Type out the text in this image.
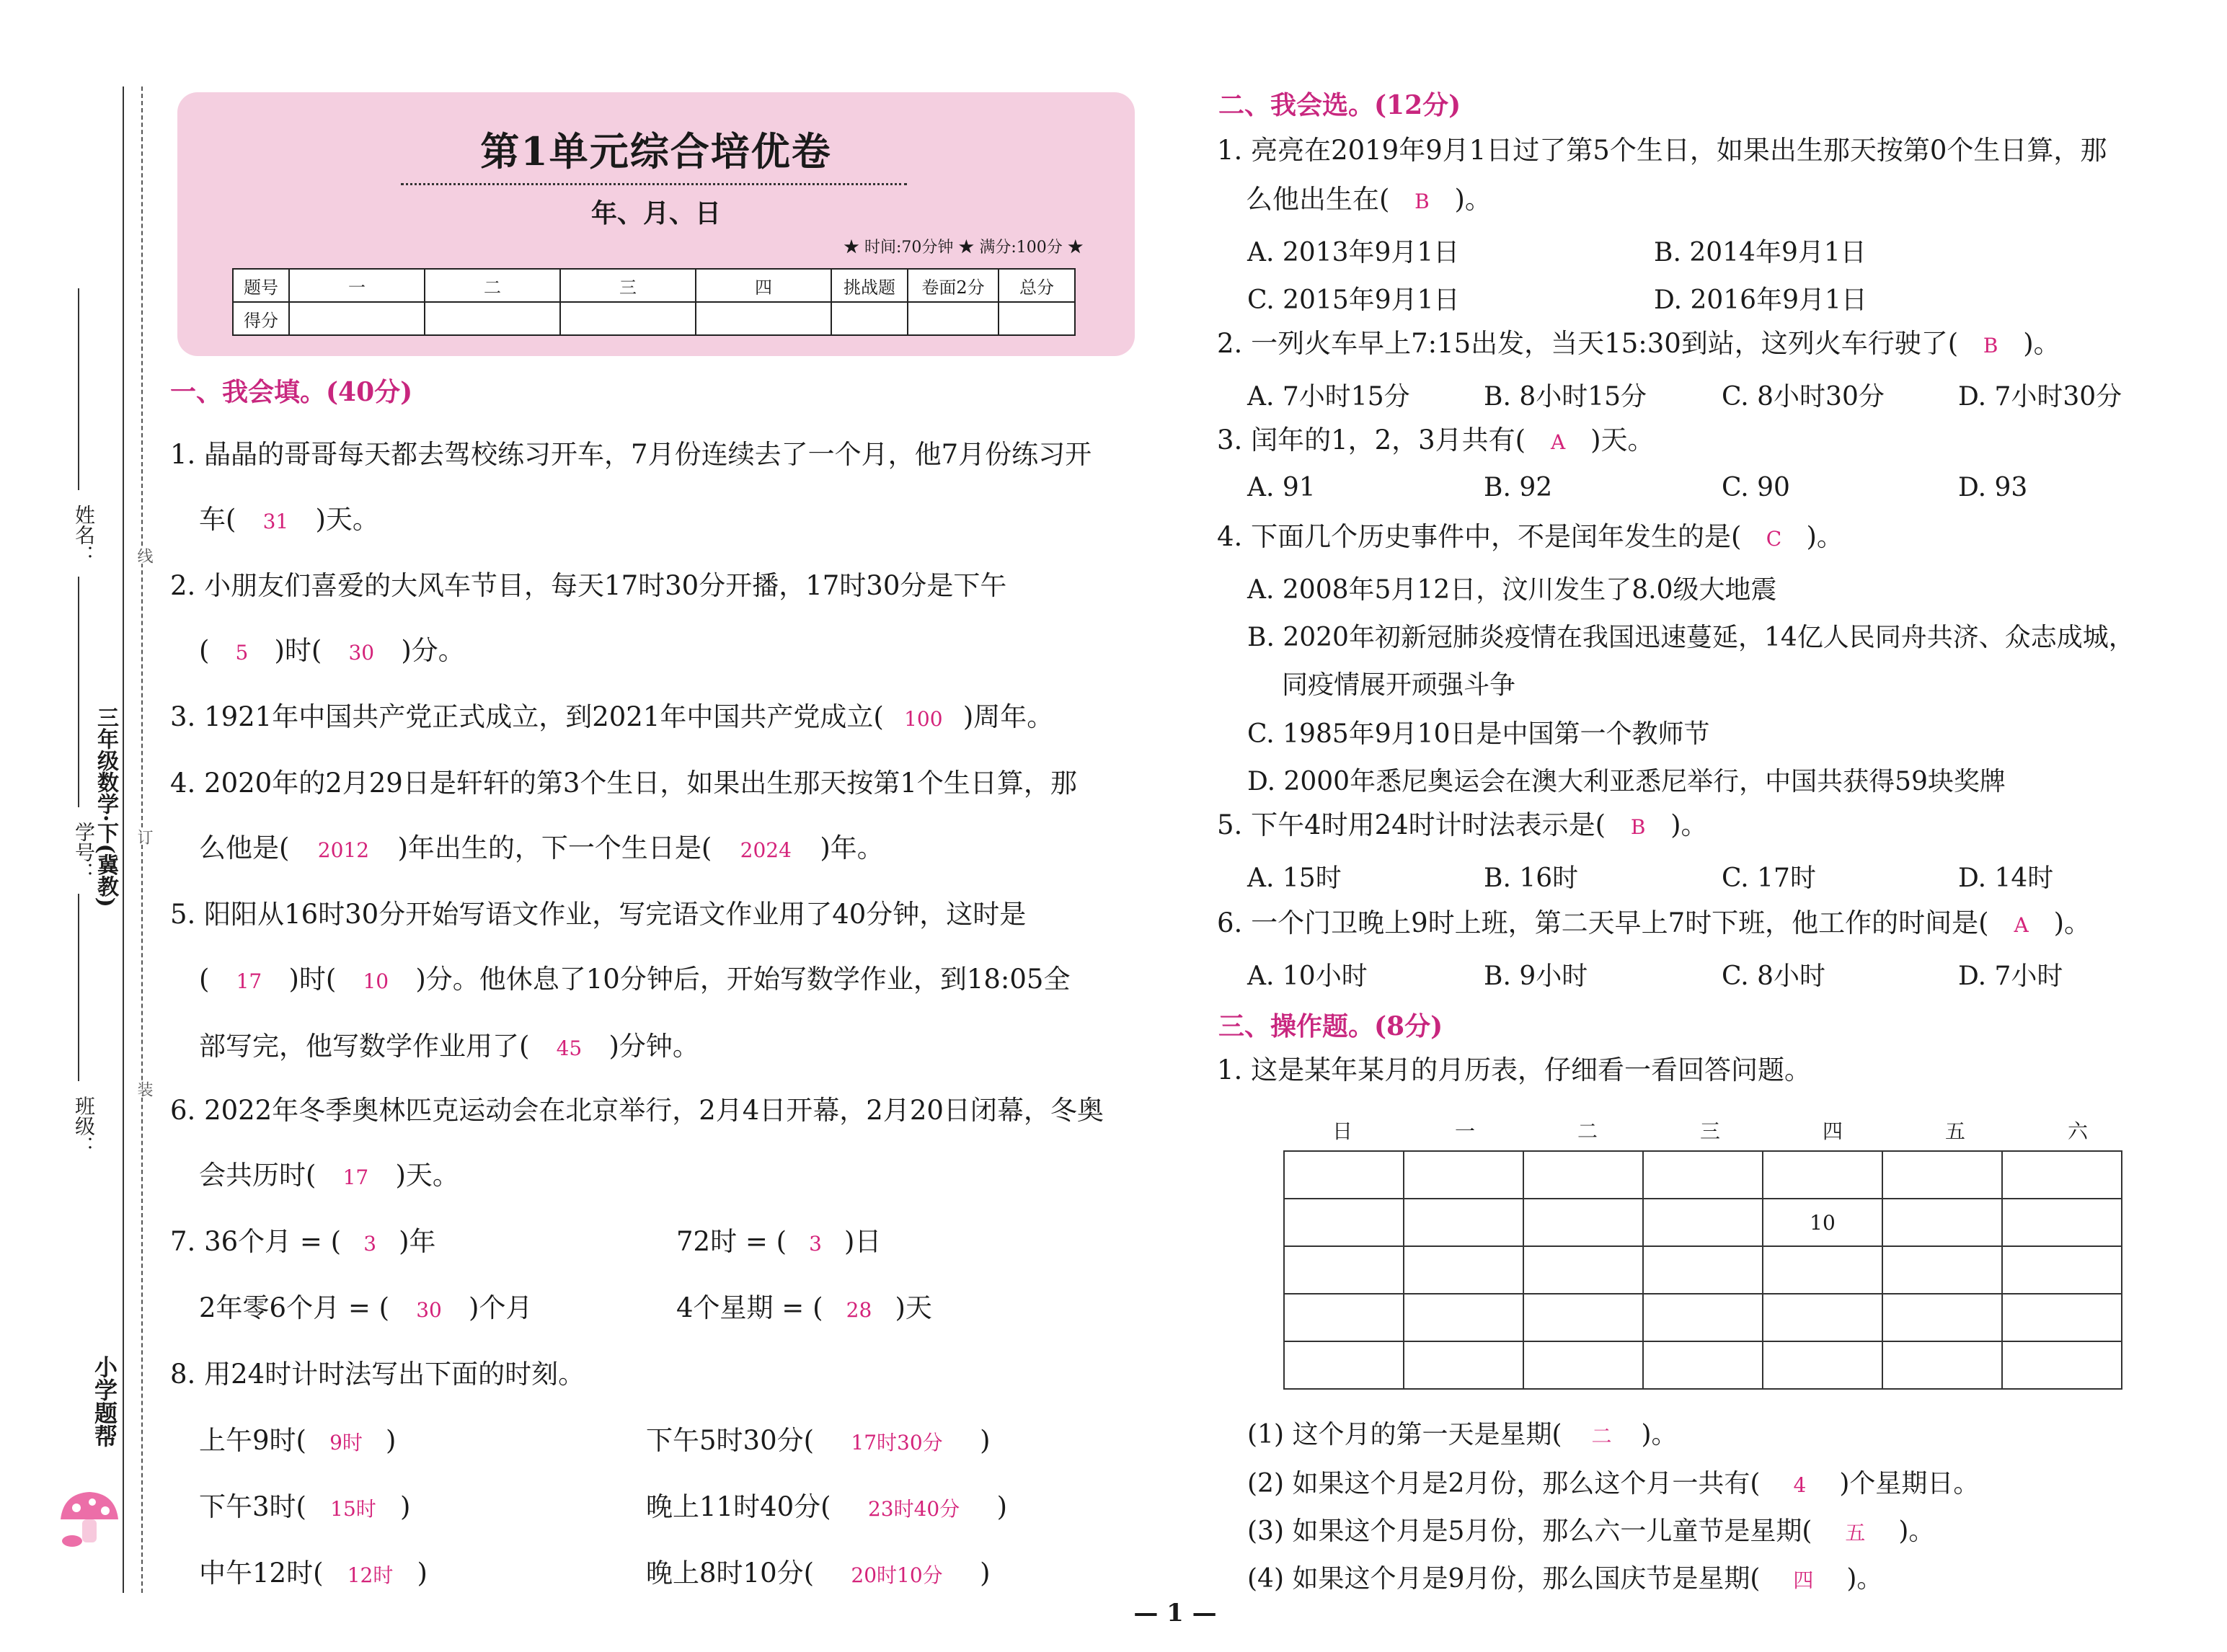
姓名：
学号：
三年级数学·下(冀教)
班级：
线
订
装
小学题帮
第1单元综合培优卷
年、月、日
★ 时间:70分钟 ★ 满分:100分 ★
题号	一	二	三	四	挑战题	卷面2分	总分
得分							
一、我会填。(40分)
1. 晶晶的哥哥每天都去驾校练习开车，7月份连续去了一个月，他7月份练习开
车( 31 )天。
2. 小朋友们喜爱的大风车节目，每天17时30分开播，17时30分是下午
( 5 )时( 30 )分。
3. 1921年中国共产党正式成立，到2021年中国共产党成立( 100 )周年。
4. 2020年的2月29日是轩轩的第3个生日，如果出生那天按第1个生日算，那
么他是( 2012 )年出生的，下一个生日是( 2024 )年。
5. 阳阳从16时30分开始写语文作业，写完语文作业用了40分钟，这时是
( 17 )时( 10 )分。他休息了10分钟后，开始写数学作业，到18:05全
部写完，他写数学作业用了( 45 )分钟。
6. 2022年冬季奥林匹克运动会在北京举行，2月4日开幕，2月20日闭幕，冬奥
会共历时( 17 )天。
7. 36个月 = ( 3 )年	72时 = ( 3 )日
2年零6个月 = ( 30 )个月	4个星期 = ( 28 )天
8. 用24时计时法写出下面的时刻。
上午9时( 9时 )	下午5时30分( 17时30分 )
下午3时( 15时 )	晚上11时40分( 23时40分 )
中午12时( 12时 )	晚上8时10分( 20时10分 )
二、我会选。(12分)
1. 亮亮在2019年9月1日过了第5个生日，如果出生那天按第0个生日算，那
么他出生在( B )。
A. 2013年9月1日	B. 2014年9月1日
C. 2015年9月1日	D. 2016年9月1日
2. 一列火车早上7:15出发，当天15:30到站，这列火车行驶了( B )。
A. 7小时15分	B. 8小时15分	C. 8小时30分	D. 7小时30分
3. 闰年的1，2，3月共有( A )天。
A. 91	B. 92	C. 90	D. 93
4. 下面几个历史事件中，不是闰年发生的是( C )。
A. 2008年5月12日，汶川发生了8.0级大地震
B. 2020年初新冠肺炎疫情在我国迅速蔓延，14亿人民同舟共济、众志成城，
同疫情展开顽强斗争
C. 1985年9月10日是中国第一个教师节
D. 2000年悉尼奥运会在澳大利亚悉尼举行，中国共获得59块奖牌
5. 下午4时用24时计时法表示是( B )。
A. 15时	B. 16时	C. 17时	D. 14时
6. 一个门卫晚上9时上班，第二天早上7时下班，他工作的时间是( A )。
A. 10小时	B. 9小时	C. 8小时	D. 7小时
三、操作题。(8分)
1. 这是某年某月的月历表，仔细看一看回答问题。
日	一	二	三	四	五	六

				10		

(1) 这个月的第一天是星期( 二 )。
(2) 如果这个月是2月份，那么这个月一共有( 4 )个星期日。
(3) 如果这个月是5月份，那么六一儿童节是星期( 五 )。
(4) 如果这个月是9月份，那么国庆节是星期( 四 )。
— 1 —
